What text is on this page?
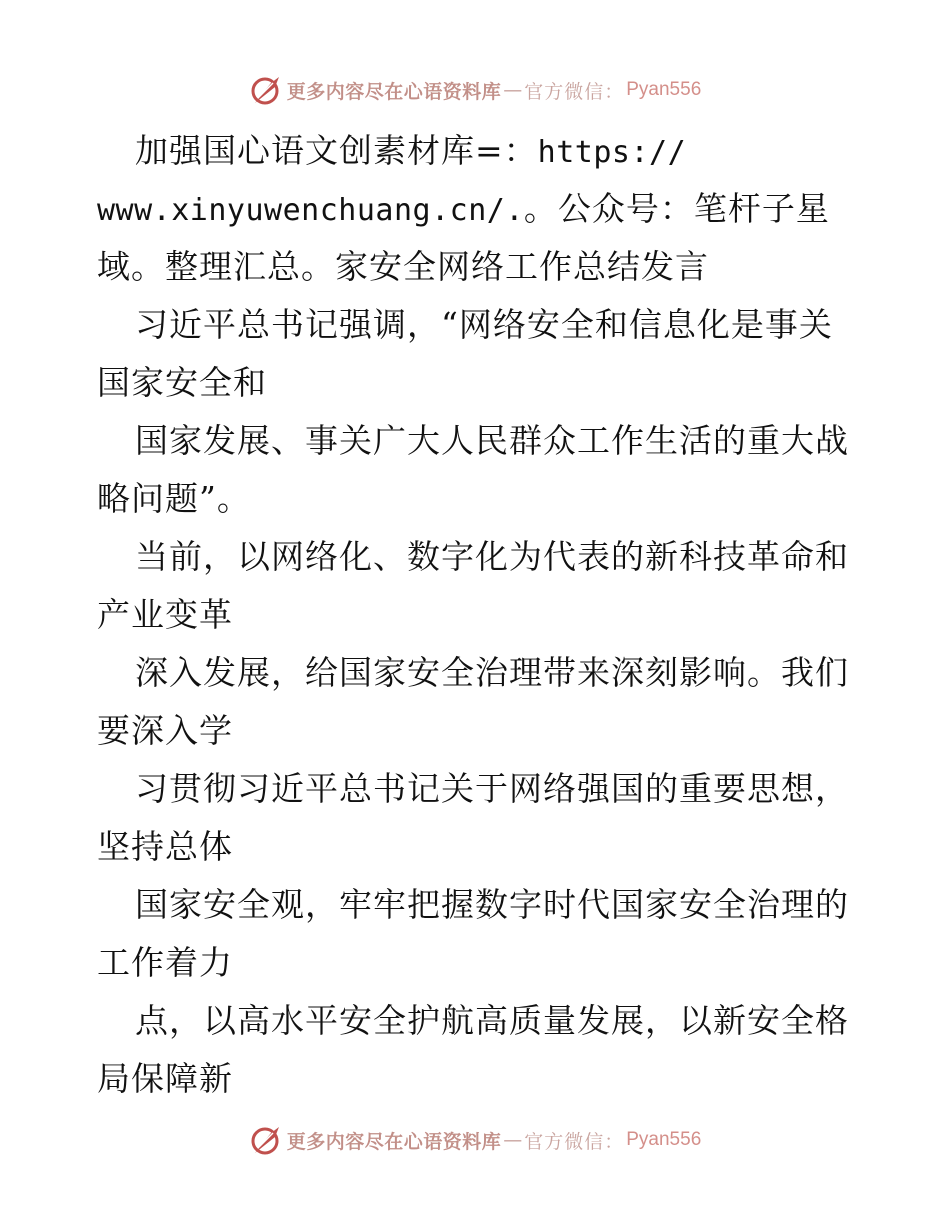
更多内容尽在心语资料库 — 官方微信： Pyan556
加强国心语文创素材库=：https://
www.xinyuwenchuang.cn/.。公众号：笔杆子星
域。整理汇总。家安全网络工作总结发言
习近平总书记强调，“网络安全和信息化是事关
国家安全和
国家发展、事关广大人民群众工作生活的重大战
略问题”。
当前，以网络化、数字化为代表的新科技革命和
产业变革
深入发展，给国家安全治理带来深刻影响。我们
要深入学
习贯彻习近平总书记关于网络强国的重要思想，
坚持总体
国家安全观，牢牢把握数字时代国家安全治理的
工作着力
点，以高水平安全护航高质量发展，以新安全格
局保障新
更多内容尽在心语资料库 — 官方微信： Pyan556
